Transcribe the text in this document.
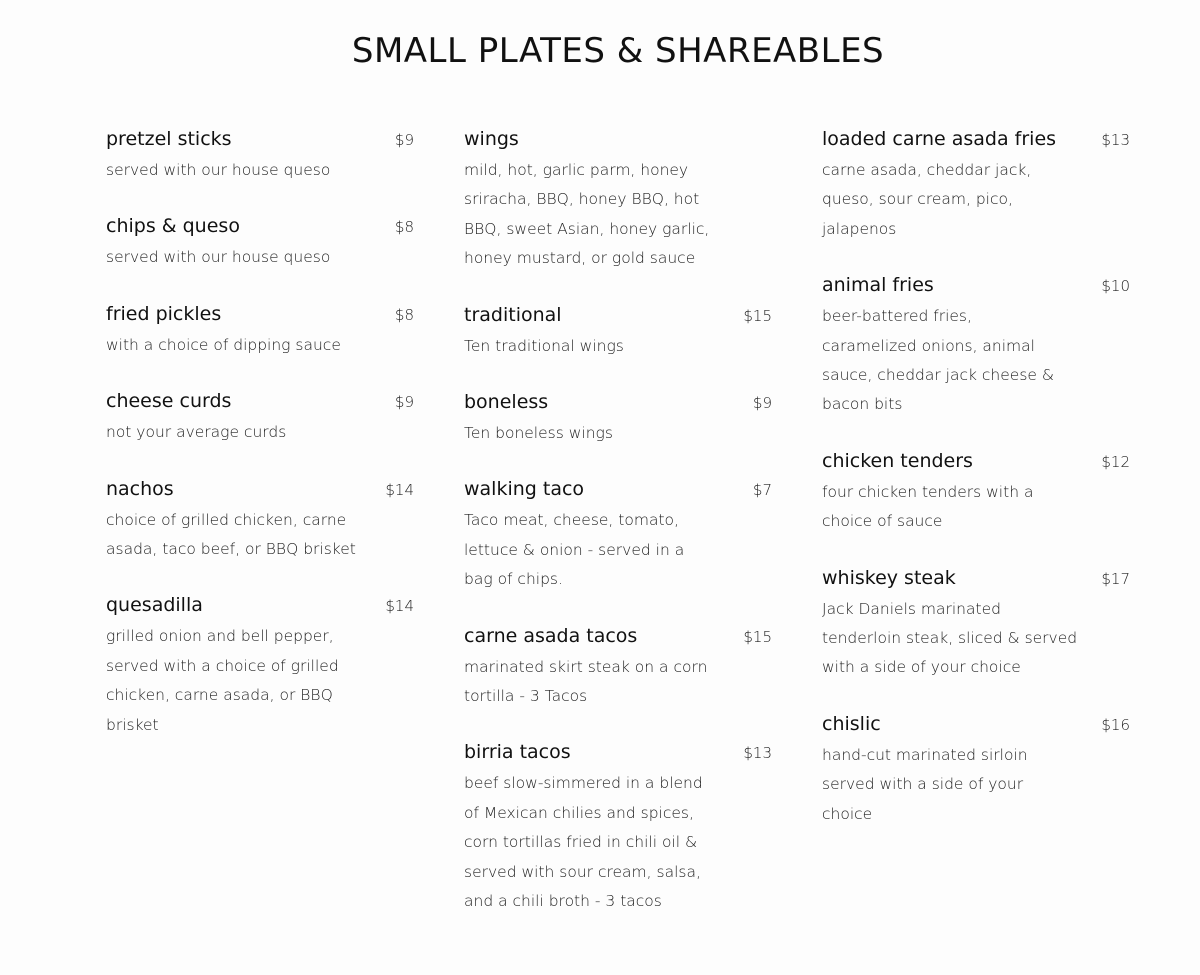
SMALL PLATES & SHAREABLES
pretzel sticks	$9
served with our house queso
chips & queso	$8
served with our house queso
fried pickles	$8
with a choice of dipping sauce
cheese curds	$9
not your average curds
nachos	$14
choice of grilled chicken, carne
asada, taco beef, or BBQ brisket
quesadilla	$14
grilled onion and bell pepper,
served with a choice of grilled
chicken, carne asada, or BBQ
brisket
wings
mild, hot, garlic parm, honey
sriracha, BBQ, honey BBQ, hot
BBQ, sweet Asian, honey garlic,
honey mustard, or gold sauce
traditional	$15
Ten traditional wings
boneless	$9
Ten boneless wings
walking taco	$7
Taco meat, cheese, tomato,
lettuce & onion - served in a
bag of chips.
carne asada tacos	$15
marinated skirt steak on a corn
tortilla - 3 Tacos
birria tacos	$13
beef slow-simmered in a blend
of Mexican chilies and spices,
corn tortillas fried in chili oil &
served with sour cream, salsa,
and a chili broth - 3 tacos
loaded carne asada fries	$13
carne asada, cheddar jack,
queso, sour cream, pico,
jalapenos
animal fries	$10
beer-battered fries,
caramelized onions, animal
sauce, cheddar jack cheese &
bacon bits
chicken tenders	$12
four chicken tenders with a
choice of sauce
whiskey steak	$17
Jack Daniels marinated
tenderloin steak, sliced & served
with a side of your choice
chislic	$16
hand-cut marinated sirloin
served with a side of your
choice
